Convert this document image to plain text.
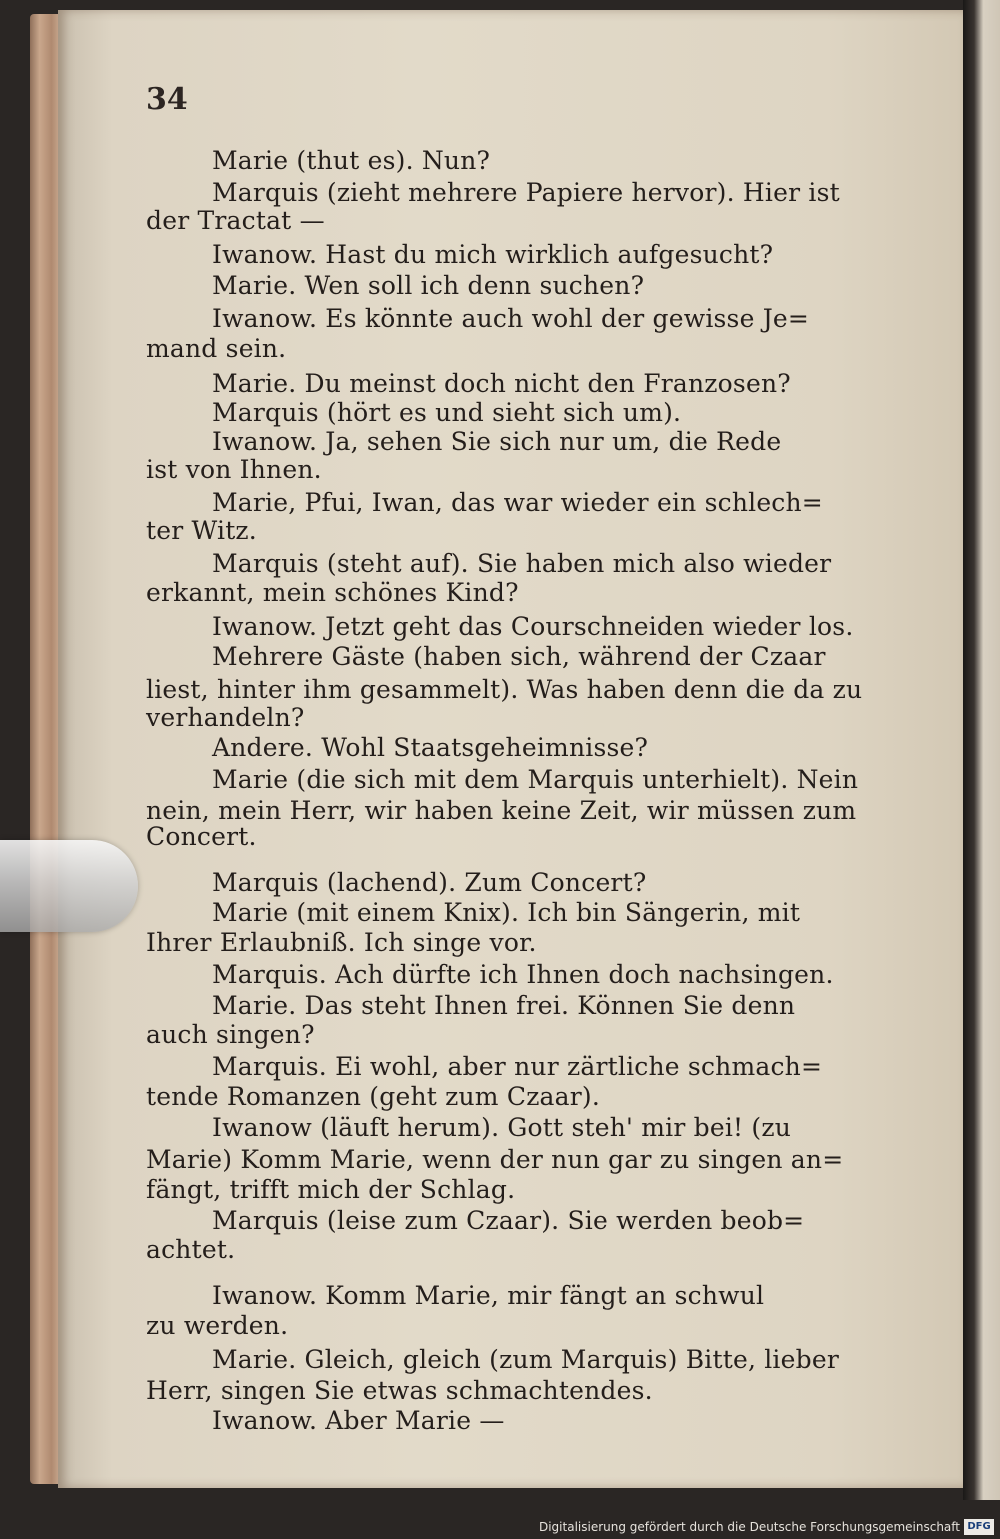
34
Marie (thut es). Nun?
Marquis (zieht mehrere Papiere hervor). Hier ist
der Tractat —
Iwanow. Hast du mich wirklich aufgesucht?
Marie. Wen soll ich denn suchen?
Iwanow. Es könnte auch wohl der gewisse Je=
mand sein.
Marie. Du meinst doch nicht den Franzosen?
Marquis (hört es und sieht sich um).
Iwanow. Ja, sehen Sie sich nur um, die Rede
ist von Ihnen.
Marie, Pfui, Iwan, das war wieder ein schlech=
ter Witz.
Marquis (steht auf). Sie haben mich also wieder
erkannt, mein schönes Kind?
Iwanow. Jetzt geht das Courschneiden wieder los.
Mehrere Gäste (haben sich, während der Czaar
liest, hinter ihm gesammelt). Was haben denn die da zu
verhandeln?
Andere. Wohl Staatsgeheimnisse?
Marie (die sich mit dem Marquis unterhielt). Nein
nein, mein Herr, wir haben keine Zeit, wir müssen zum
Concert.
Marquis (lachend). Zum Concert?
Marie (mit einem Knix). Ich bin Sängerin, mit
Ihrer Erlaubniß. Ich singe vor.
Marquis. Ach dürfte ich Ihnen doch nachsingen.
Marie. Das steht Ihnen frei. Können Sie denn
auch singen?
Marquis. Ei wohl, aber nur zärtliche schmach=
tende Romanzen (geht zum Czaar).
Iwanow (läuft herum). Gott steh' mir bei! (zu
Marie) Komm Marie, wenn der nun gar zu singen an=
fängt, trifft mich der Schlag.
Marquis (leise zum Czaar). Sie werden beob=
achtet.
Iwanow. Komm Marie, mir fängt an schwul
zu werden.
Marie. Gleich, gleich (zum Marquis) Bitte, lieber
Herr, singen Sie etwas schmachtendes.
Iwanow. Aber Marie —
Digitalisierung gefördert durch die Deutsche Forschungsgemeinschaft DFG
